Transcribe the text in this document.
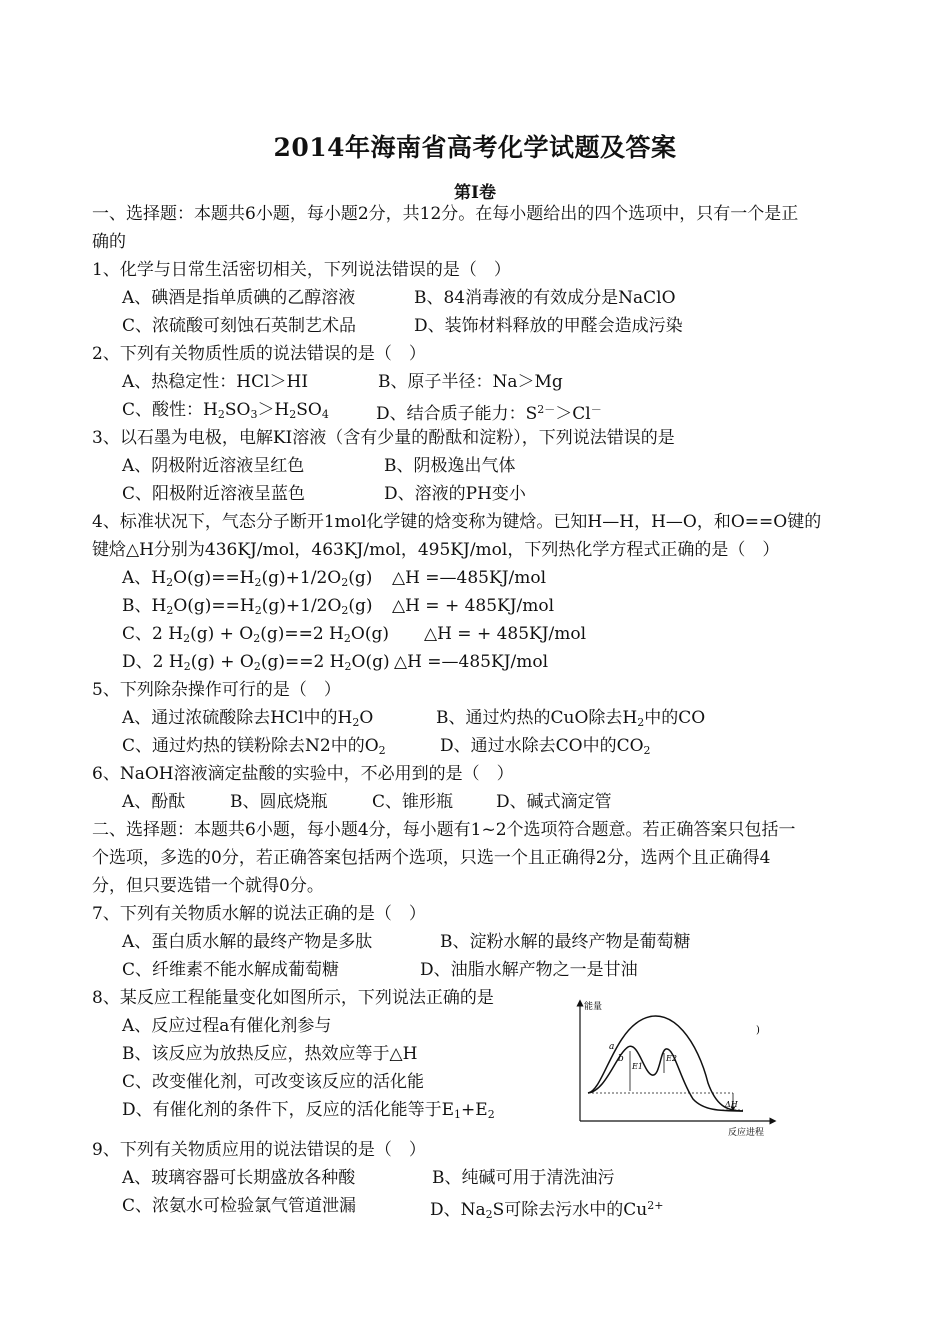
2014年海南省高考化学试题及答案
第Ⅰ卷
一、选择题：本题共6小题，每小题2分，共12分。在每小题给出的四个选项中，只有一个是正
确的
1、化学与日常生活密切相关，下列说法错误的是（　）
A、碘酒是指单质碘的乙醇溶液	B、84消毒液的有效成分是NaClO
C、浓硫酸可刻蚀石英制艺术品	D、装饰材料释放的甲醛会造成污染
2、下列有关物质性质的说法错误的是（　）
A、热稳定性：HCl＞HI	B、原子半径：Na＞Mg
C、酸性：$H_2SO_3>H_2SO_4$	D、结合质子能力：$S^{2-}>Cl^-$
3、以石墨为电极，电解KI溶液（含有少量的酚酞和淀粉），下列说法错误的是
A、阴极附近溶液呈红色	B、阴极逸出气体
C、阳极附近溶液呈蓝色	D、溶液的PH变小
4、标准状况下，气态分子断开1mol化学键的焓变称为键焓。已知H—H，H—O，和O==O键的
键焓△H分别为436KJ/mol，463KJ/mol，495KJ/mol，下列热化学方程式正确的是（　）
A、$H_2O(g)==H_2(g)+1/2O_2(g)$ △H =—485KJ/mol
B、$H_2O(g)==H_2(g)+1/2O_2(g)$ △H = + 485KJ/mol
C、2 $H_2(g) + O_2(g)==2$ $H_2O(g)$ △H = + 485KJ/mol
D、2 $H_2(g) + O_2(g)==2$ $H_2O(g)$ △H =—485KJ/mol
5、下列除杂操作可行的是（　）
A、通过浓硫酸除去HCl中的$H_2O$	B、通过灼热的CuO除去$H_2$中的CO
C、通过灼热的镁粉除去N2中的$O_2$	D、通过水除去CO中的$CO_2$
6、NaOH溶液滴定盐酸的实验中，不必用到的是（　）
A、酚酞	B、圆底烧瓶	C、锥形瓶	D、碱式滴定管
二、选择题：本题共6小题，每小题4分，每小题有1~2个选项符合题意。若正确答案只包括一
个选项，多选的0分，若正确答案包括两个选项，只选一个且正确得2分，选两个且正确得4
分，但只要选错一个就得0分。
7、下列有关物质水解的说法正确的是（　）
A、蛋白质水解的最终产物是多肽	B、淀粉水解的最终产物是葡萄糖
C、纤维素不能水解成葡萄糖	D、油脂水解产物之一是甘油
8、某反应工程能量变化如图所示，下列说法正确的是
A、反应过程a有催化剂参与
B、该反应为放热反应，热效应等于△H
C、改变催化剂，可改变该反应的活化能
D、有催化剂的条件下，反应的活化能等于$E_1+E_2$
能量
反应进程
a
b
E1
E2
ΔH
)
9、下列有关物质应用的说法错误的是（　）
A、玻璃容器可长期盛放各种酸	B、纯碱可用于清洗油污
C、浓氨水可检验氯气管道泄漏	D、$Na_2S$可除去污水中的$Cu^{2+}$
